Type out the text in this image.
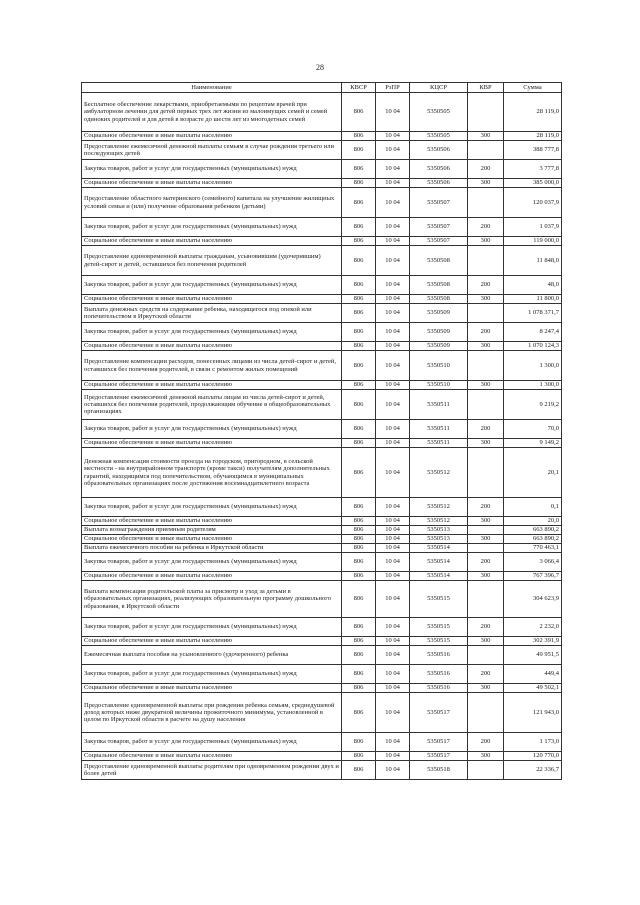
28
Наименование	КВСР	РзПР	КЦСР	КВР	Сумма
Бесплатное обеспечение лекарствами, приобретаемыми по рецептам врачей при амбулаторном лечении для детей первых трех лет жизни из малоимущих семей и семей одиноких родителей и для детей в возрасте до шести лет из многодетных семей	806	10 04	5350505		28 119,0
Социальное обеспечение и иные выплаты населению	806	10 04	5350505	300	28 119,0
Предоставление ежемесячной денежной выплаты семьям в случае рождения третьего или последующих детей	806	10 04	5350506		388 777,8
Закупка товаров, работ и услуг для государственных (муниципальных) нужд	806	10 04	5350506	200	3 777,8
Социальное обеспечение и иные выплаты населению	806	10 04	5350506	300	385 000,0
Предоставление областного материнского (семейного) капитала на улучшение жилищных условий семьи и (или) получение образования ребенком (детьми)	806	10 04	5350507		120 037,9
Закупка товаров, работ и услуг для государственных (муниципальных) нужд	806	10 04	5350507	200	1 037,9
Социальное обеспечение и иные выплаты населению	806	10 04	5350507	300	119 000,0
Предоставление единовременной выплаты гражданам, усыновившим (удочерившим) детей-сирот и детей, оставшихся без попечения родителей	806	10 04	5350508		11 848,0
Закупка товаров, работ и услуг для государственных (муниципальных) нужд	806	10 04	5350508	200	48,0
Социальное обеспечение и иные выплаты населению	806	10 04	5350508	300	11 800,0
Выплата денежных средств на содержание ребенка, находящегося под опекой или попечительством в Иркутской области	806	10 04	5350509		1 078 371,7
Закупка товаров, работ и услуг для государственных (муниципальных) нужд	806	10 04	5350509	200	8 247,4
Социальное обеспечение и иные выплаты населению	806	10 04	5350509	300	1 070 124,3
Предоставление компенсации расходов, понесенных лицами из числа детей-сирот и детей, оставшихся без попечения родителей, в связи с ремонтом жилых помещений	806	10 04	5350510		1 300,0
Социальное обеспечение и иные выплаты населению	806	10 04	5350510	300	1 300,0
Предоставление ежемесячной денежной выплаты лицам из числа детей-сирот и детей, оставшихся без попечения родителей, продолжающим обучение в общеобразовательных организациях	806	10 04	5350511		9 219,2
Закупка товаров, работ и услуг для государственных (муниципальных) нужд	806	10 04	5350511	200	70,0
Социальное обеспечение и иные выплаты населению	806	10 04	5350511	300	9 149,2
Денежная компенсация стоимости проезда на городском, пригородном, в сельской местности - на внутрирайонном транспорте (кроме такси) получателям дополнительных гарантий, находящимся под попечительством, обучающимся в муниципальных образовательных организациях после достижения восемнадцатилетнего возраста	806	10 04	5350512		20,1
Закупка товаров, работ и услуг для государственных (муниципальных) нужд	806	10 04	5350512	200	0,1
Социальное обеспечение и иные выплаты населению	806	10 04	5350512	300	20,0
Выплата вознаграждения приемным родителям	806	10 04	5350513		663 890,2
Социальное обеспечение и иные выплаты населению	806	10 04	5350513	300	663 890,2
Выплата ежемесячного пособия на ребенка в Иркутской области	806	10 04	5350514		770 463,1
Закупка товаров, работ и услуг для государственных (муниципальных) нужд	806	10 04	5350514	200	3 066,4
Социальное обеспечение и иные выплаты населению	806	10 04	5350514	300	767 396,7
Выплата компенсации родительской платы за присмотр и уход за детьми в образовательных организациях, реализующих образовательную программу дошкольного образования, в Иркутской области	806	10 04	5350515		304 623,9
Закупка товаров, работ и услуг для государственных (муниципальных) нужд	806	10 04	5350515	200	2 232,0
Социальное обеспечение и иные выплаты населению	806	10 04	5350515	300	302 391,9
Ежемесячная выплата пособия на усыновленного (удочеренного) ребенка	806	10 04	5350516		49 951,5
Закупка товаров, работ и услуг для государственных (муниципальных) нужд	806	10 04	5350516	200	449,4
Социальное обеспечение и иные выплаты населению	806	10 04	5350516	300	49 502,1
Предоставление единовременной выплаты при рождении ребенка семьям, среднедушевой доход которых ниже двукратной величины прожиточного минимума, установленной в целом по Иркутской области в расчете на душу населения	806	10 04	5350517		121 943,0
Закупка товаров, работ и услуг для государственных (муниципальных) нужд	806	10 04	5350517	200	1 173,0
Социальное обеспечение и иные выплаты населению	806	10 04	5350517	300	120 770,0
Предоставление единовременной выплаты родителям при одновременном рождении двух и более детей	806	10 04	5350518		22 336,7
